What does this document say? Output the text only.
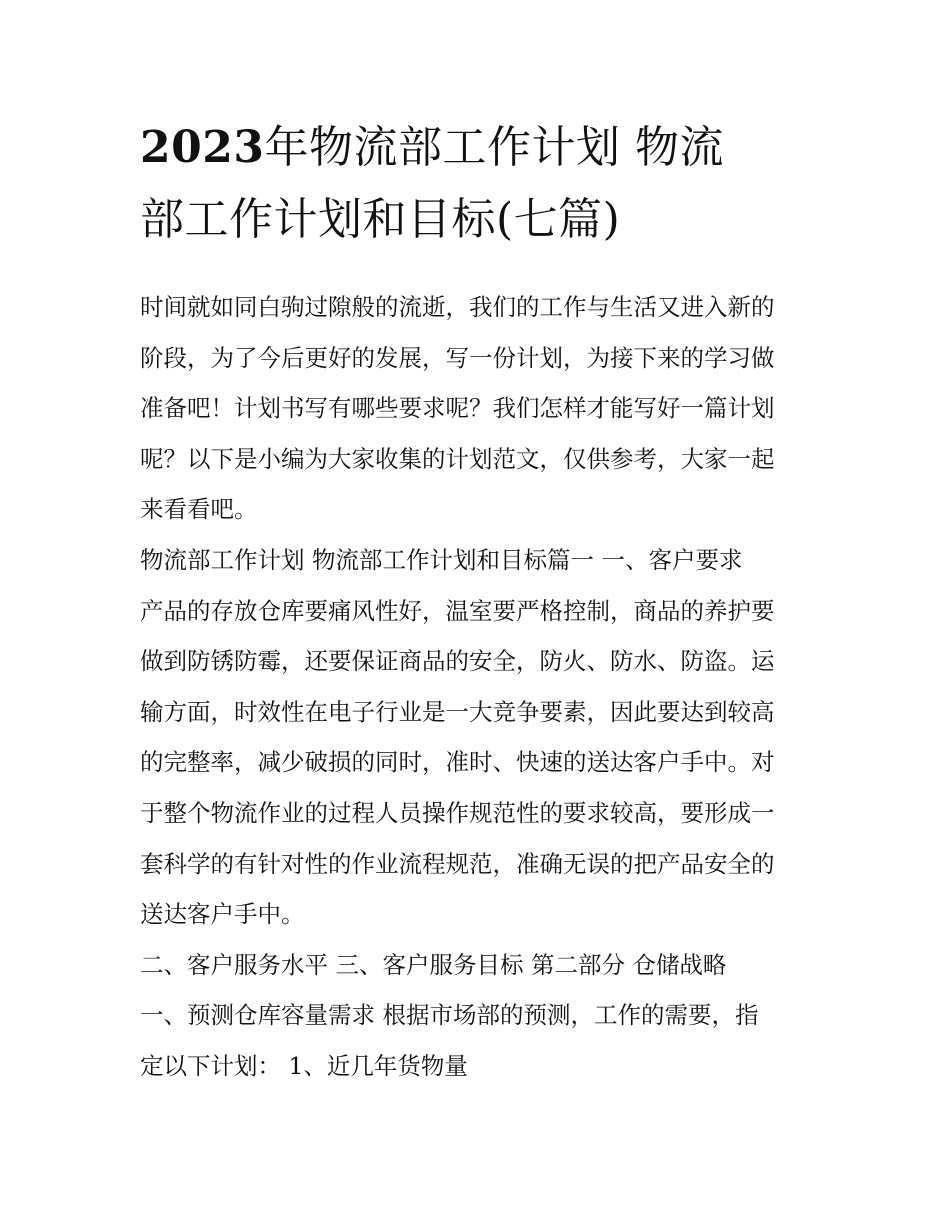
2023年物流部工作计划 物流
部工作计划和目标(七篇)
时间就如同白驹过隙般的流逝，我们的工作与生活又进入新的
阶段，为了今后更好的发展，写一份计划，为接下来的学习做
准备吧！计划书写有哪些要求呢？我们怎样才能写好一篇计划
呢？以下是小编为大家收集的计划范文，仅供参考，大家一起
来看看吧。
物流部工作计划 物流部工作计划和目标篇一 一、客户要求
产品的存放仓库要痛风性好，温室要严格控制，商品的养护要
做到防锈防霉，还要保证商品的安全，防火、防水、防盗。运
输方面，时效性在电子行业是一大竞争要素，因此要达到较高
的完整率，减少破损的同时，准时、快速的送达客户手中。对
于整个物流作业的过程人员操作规范性的要求较高，要形成一
套科学的有针对性的作业流程规范，准确无误的把产品安全的
送达客户手中。
二、客户服务水平 三、客户服务目标 第二部分 仓储战略
一、预测仓库容量需求 根据市场部的预测，工作的需要，指
定以下计划： 1、近几年货物量
